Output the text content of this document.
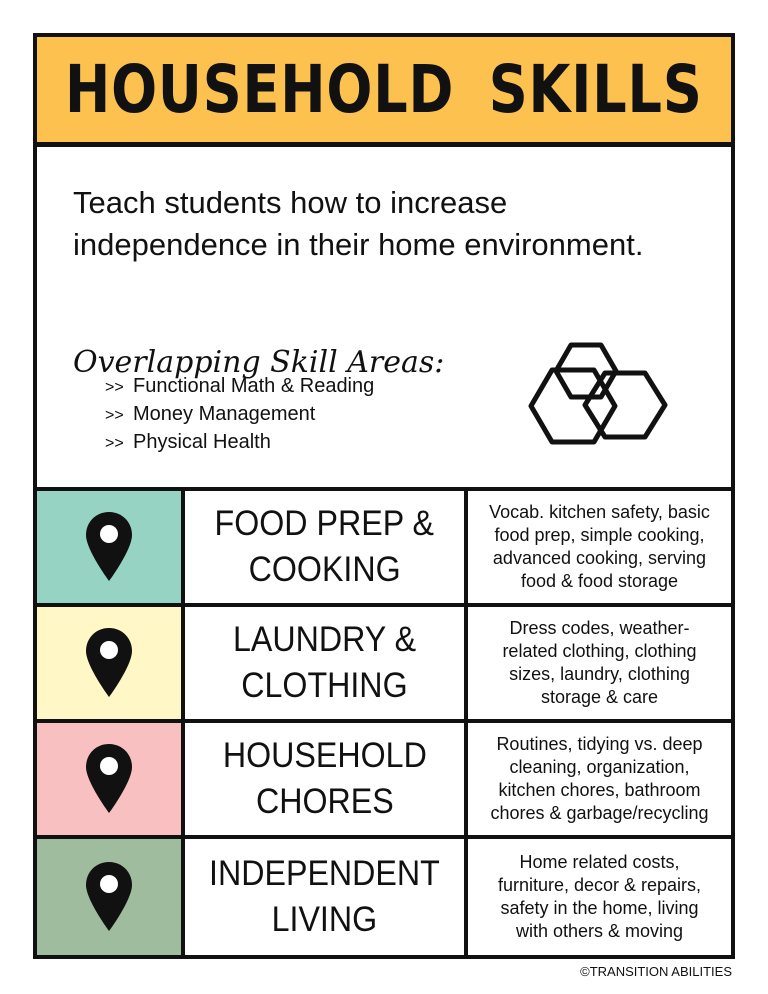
HOUSEHOLD SKILLS
Teach students how to increase
independence in their home environment.
Overlapping Skill Areas:
>> Functional Math & Reading
>> Money Management
>> Physical Health
FOOD PREP &
COOKING
Vocab. kitchen safety, basic
food prep, simple cooking,
advanced cooking, serving
food & food storage
LAUNDRY &
CLOTHING
Dress codes, weather-
related clothing, clothing
sizes, laundry, clothing
storage & care
HOUSEHOLD
CHORES
Routines, tidying vs. deep
cleaning, organization,
kitchen chores, bathroom
chores & garbage/recycling
INDEPENDENT
LIVING
Home related costs,
furniture, decor & repairs,
safety in the home, living
with others & moving
©TRANSITION ABILITIES
